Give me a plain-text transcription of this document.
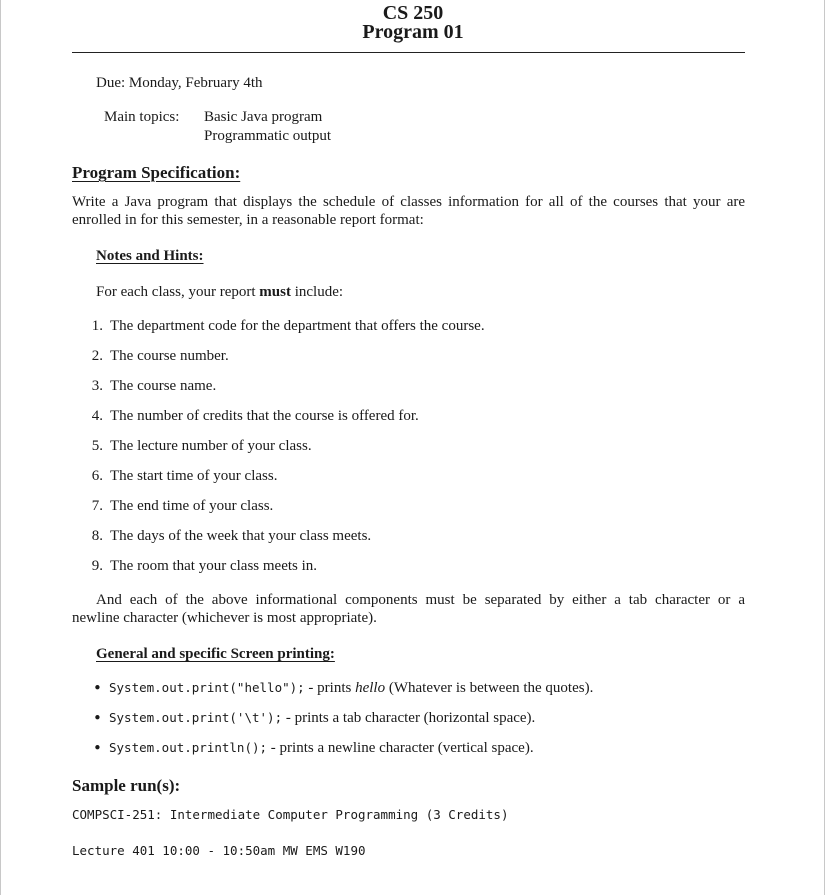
CS 250
Program 01
Due: Monday, February 4th
Main topics: Basic Java program
Programmatic output
Program Specification:
Write a Java program that displays the schedule of classes information for all of the courses that your are
enrolled in for this semester, in a reasonable report format:
Notes and Hints:
For each class, your report must include:
1. The department code for the department that offers the course.
2. The course number.
3. The course name.
4. The number of credits that the course is offered for.
5. The lecture number of your class.
6. The start time of your class.
7. The end time of your class.
8. The days of the week that your class meets.
9. The room that your class meets in.
And each of the above informational components must be separated by either a tab character or a
newline character (whichever is most appropriate).
General and specific Screen printing:
• System.out.print("hello"); - prints hello (Whatever is between the quotes).
• System.out.print('\t'); - prints a tab character (horizontal space).
• System.out.println(); - prints a newline character (vertical space).
Sample run(s):
COMPSCI-251: Intermediate Computer Programming (3 Credits)
Lecture 401 10:00 - 10:50am MW EMS W190
